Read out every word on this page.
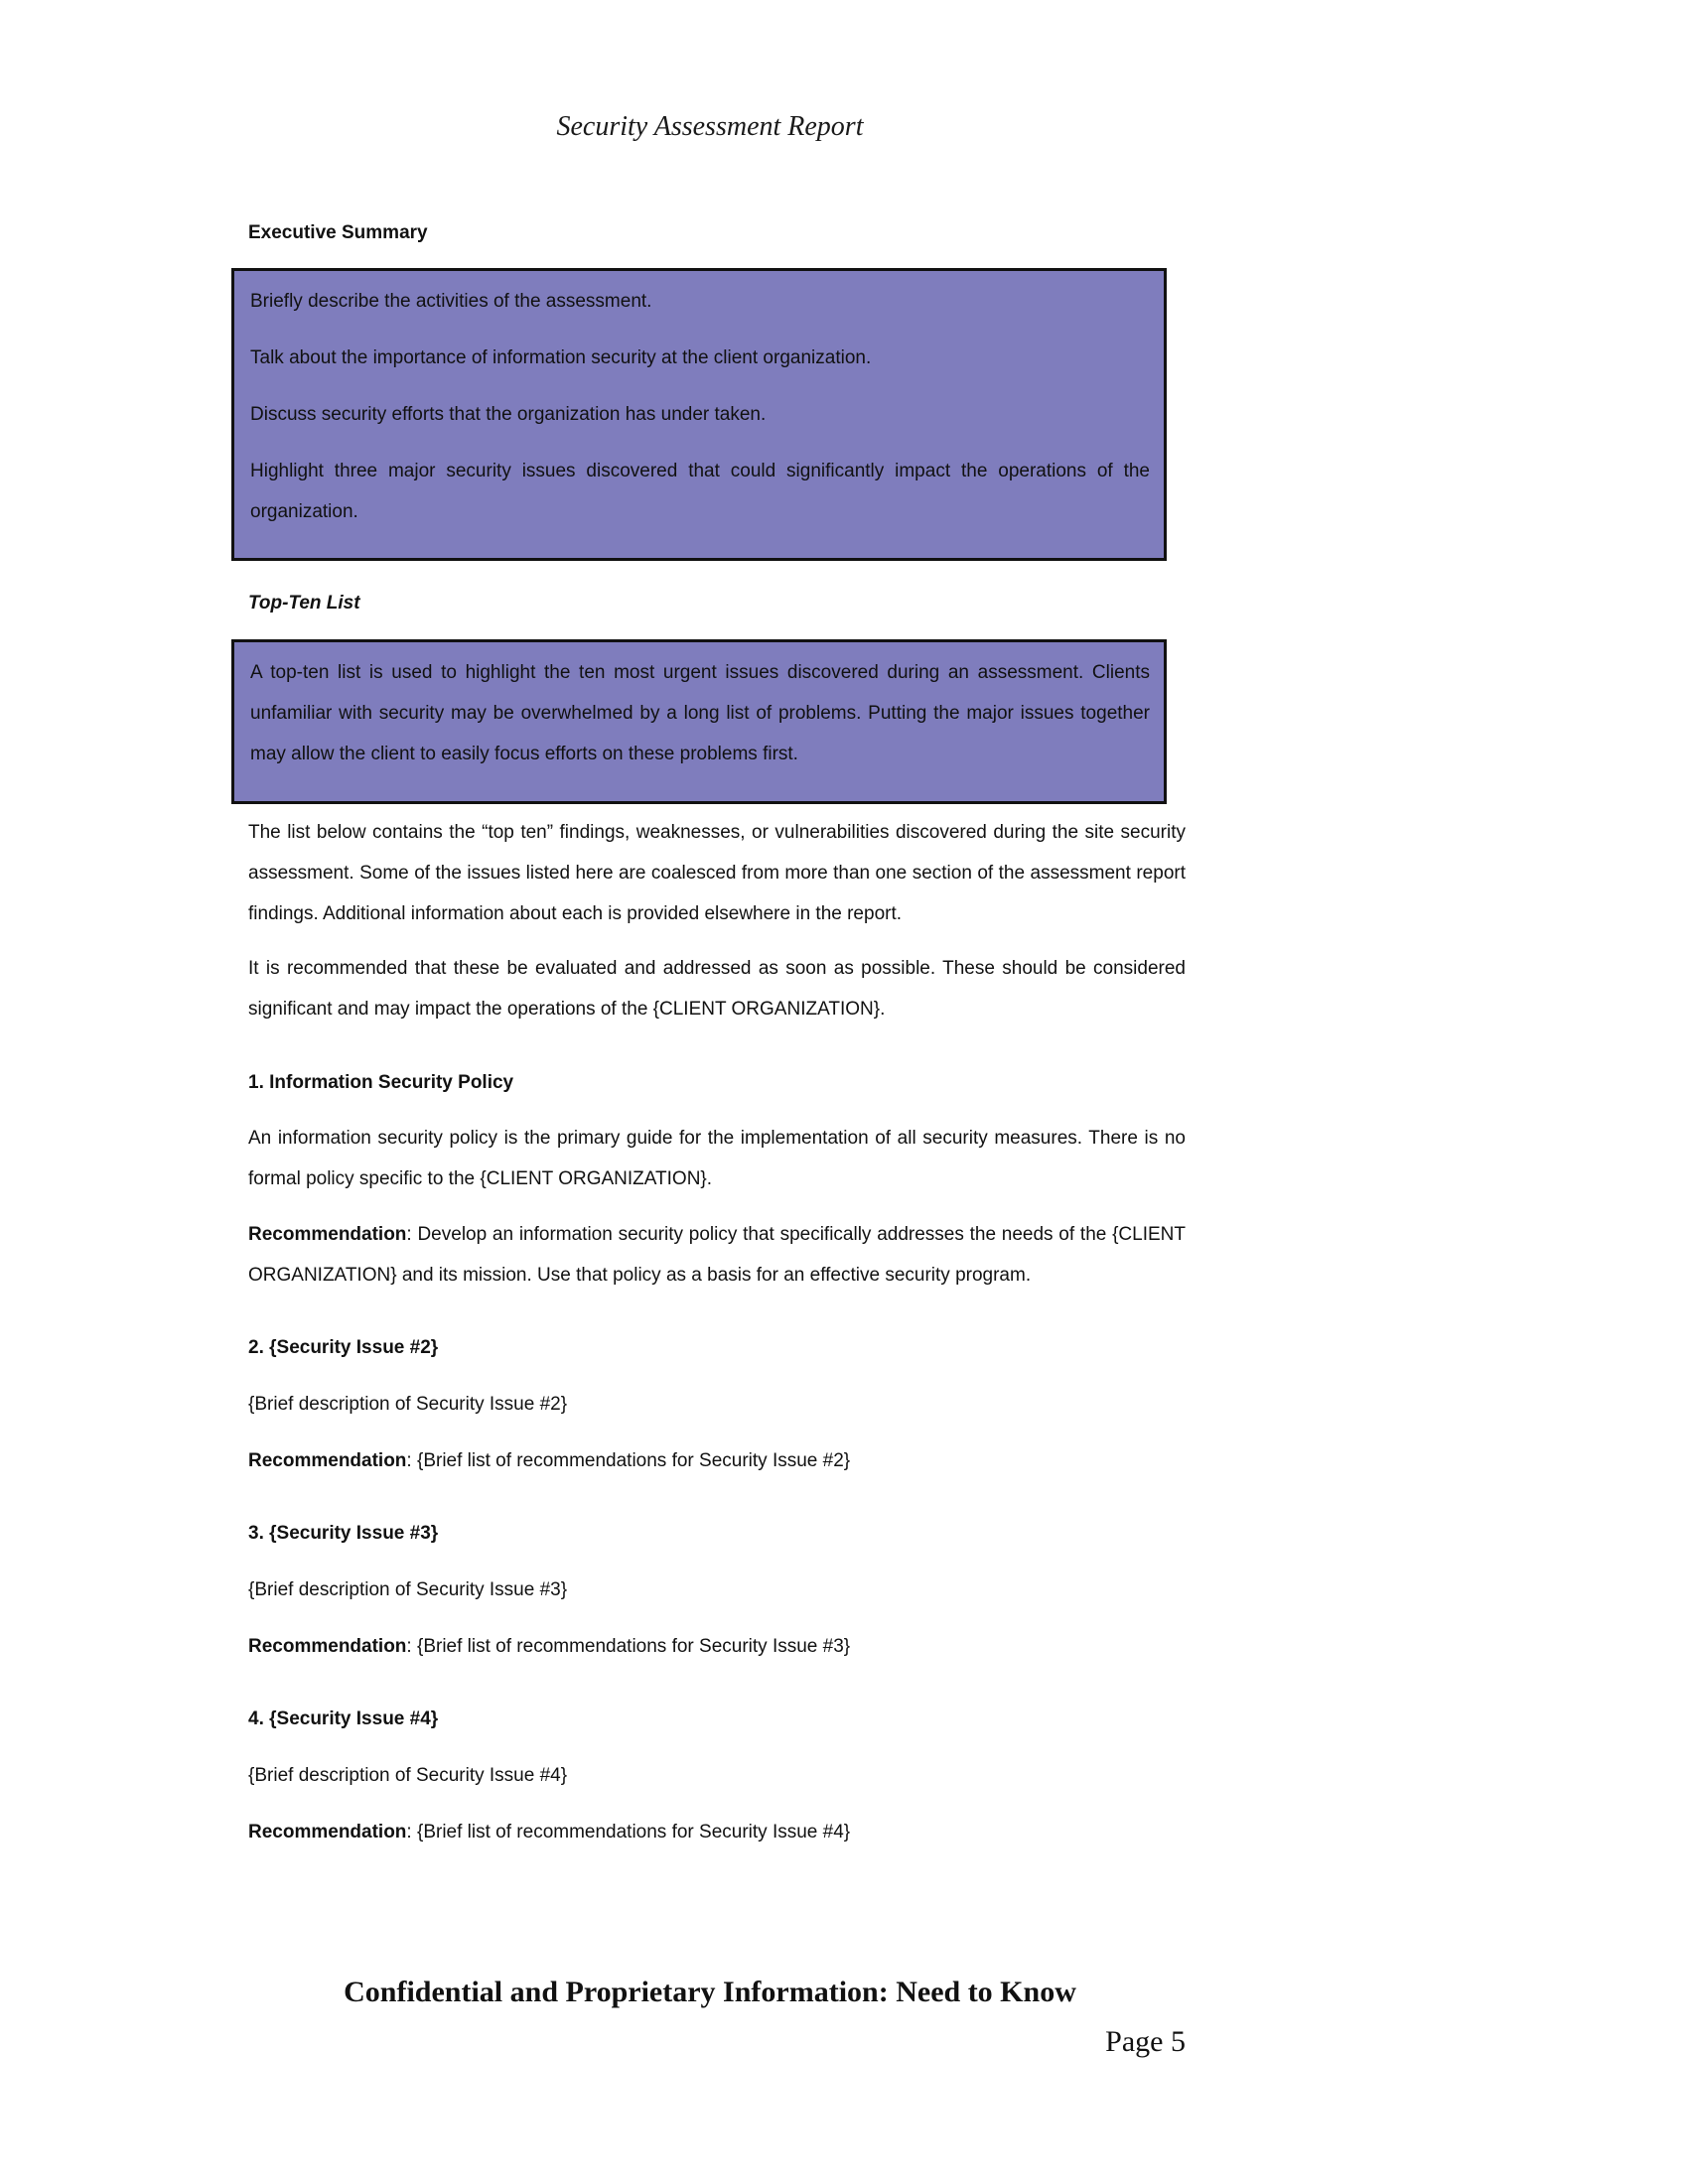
Security Assessment Report
Executive Summary

Briefly describe the activities of the assessment.

Talk about the importance of information security at the client organization.

Discuss security efforts that the organization has under taken.

Highlight three major security issues discovered that could significantly impact the operations of the organization.

Top-Ten List

A top-ten list is used to highlight the ten most urgent issues discovered during an assessment. Clients unfamiliar with security may be overwhelmed by a long list of problems. Putting the major issues together may allow the client to easily focus efforts on these problems first.

The list below contains the “top ten” findings, weaknesses, or vulnerabilities discovered during the site security assessment. Some of the issues listed here are coalesced from more than one section of the assessment report findings. Additional information about each is provided elsewhere in the report.

It is recommended that these be evaluated and addressed as soon as possible. These should be considered significant and may impact the operations of the {CLIENT ORGANIZATION}.

1. Information Security Policy

An information security policy is the primary guide for the implementation of all security measures. There is no formal policy specific to the {CLIENT ORGANIZATION}.

Recommendation: Develop an information security policy that specifically addresses the needs of the {CLIENT ORGANIZATION} and its mission. Use that policy as a basis for an effective security program.

2. {Security Issue #2}

{Brief description of Security Issue #2}

Recommendation: {Brief list of recommendations for Security Issue #2}

3. {Security Issue #3}

{Brief description of Security Issue #3}

Recommendation: {Brief list of recommendations for Security Issue #3}

4. {Security Issue #4}

{Brief description of Security Issue #4}

Recommendation: {Brief list of recommendations for Security Issue #4}

Confidential and Proprietary Information: Need to Know
Page 5
